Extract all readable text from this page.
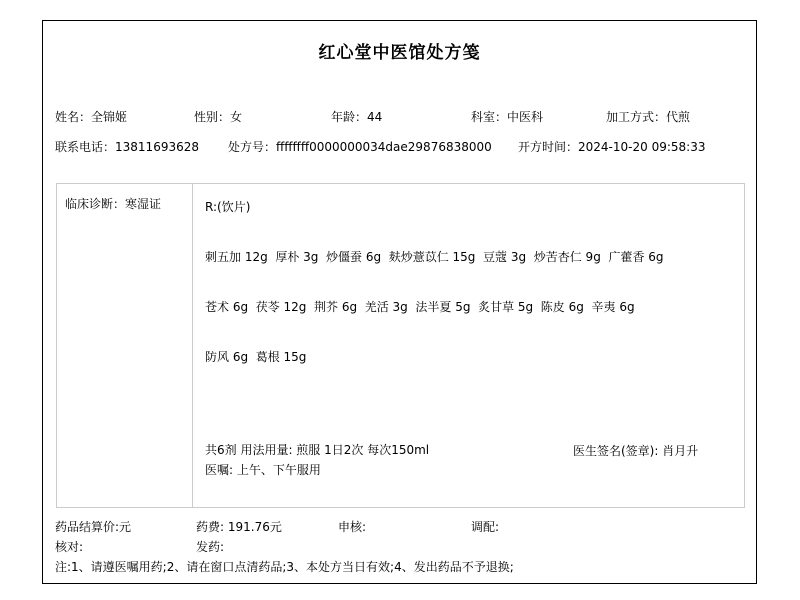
红心堂中医馆处方笺
姓名：全锦姬	性别：女	年龄：44	科室：中医科	加工方式：代煎
联系电话：13811693628	处方号：ffffffff0000000034dae29876838000	开方时间：2024-10-20 09:58:33
临床诊断：寒湿证	R:(饮片)
刺五加 12g  厚朴 3g  炒僵蚕 6g  麸炒薏苡仁 15g  豆蔻 3g  炒苦杏仁 9g  广藿香 6g
苍术 6g  茯苓 12g  荆芥 6g  羌活 3g  法半夏 5g  炙甘草 5g  陈皮 6g  辛夷 6g
防风 6g  葛根 15g
共6剂 用法用量: 煎服 1日2次 每次150ml
医嘱: 上午、下午服用
医生签名(签章): 肖月升
药品结算价:元	药费: 191.76元	申核:	调配:
核对:	发药:
注:1、请遵医嘱用药;2、请在窗口点清药品;3、本处方当日有效;4、发出药品不予退换;
